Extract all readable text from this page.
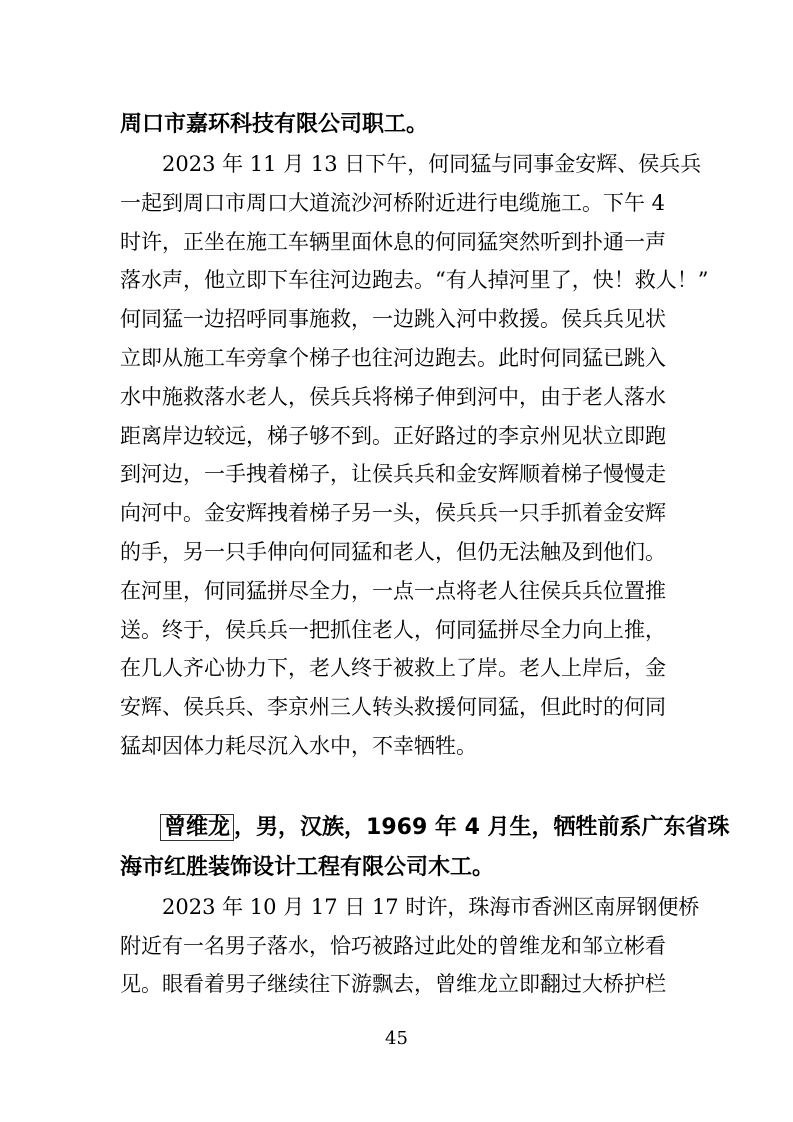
周口市嘉环科技有限公司职工。

2023 年 11 月 13 日下午，何同猛与同事金安辉、侯兵兵

一起到周口市周口大道流沙河桥附近进行电缆施工。下午 4

时许，正坐在施工车辆里面休息的何同猛突然听到扑通一声

落水声，他立即下车往河边跑去。“有人掉河里了，快！救人！”

何同猛一边招呼同事施救，一边跳入河中救援。侯兵兵见状

立即从施工车旁拿个梯子也往河边跑去。此时何同猛已跳入

水中施救落水老人，侯兵兵将梯子伸到河中，由于老人落水

距离岸边较远，梯子够不到。正好路过的李京州见状立即跑

到河边，一手拽着梯子，让侯兵兵和金安辉顺着梯子慢慢走

向河中。金安辉拽着梯子另一头，侯兵兵一只手抓着金安辉

的手，另一只手伸向何同猛和老人，但仍无法触及到他们。

在河里，何同猛拼尽全力，一点一点将老人往侯兵兵位置推

送。终于，侯兵兵一把抓住老人，何同猛拼尽全力向上推，

在几人齐心协力下，老人终于被救上了岸。老人上岸后，金

安辉、侯兵兵、李京州三人转头救援何同猛，但此时的何同

猛却因体力耗尽沉入水中，不幸牺牲。

曾维龙 ，男，汉族，1969 年 4 月生，牺牲前系广东省珠

海市红胜装饰设计工程有限公司木工。

2023 年 10 月 17 日 17 时许，珠海市香洲区南屏钢便桥

附近有一名男子落水，恰巧被路过此处的曾维龙和邹立彬看

见。眼看着男子继续往下游飘去，曾维龙立即翻过大桥护栏

45
